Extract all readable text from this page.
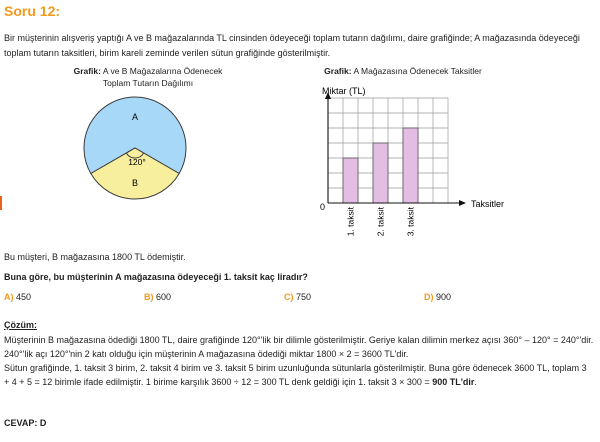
Soru 12:
Bir müşterinin alışveriş yaptığı A ve B mağazalarında TL cinsinden ödeyeceği toplam tutarın dağılımı, daire grafiğinde; A mağazasında ödeyeceği toplam tutarın taksitleri, birim kareli zeminde verilen sütun grafiğinde gösterilmiştir.
Grafik: A ve B Mağazalarına Ödenecek Toplam Tutarın Dağılımı
Grafik: A Mağazasına Ödenecek Taksitler
A
B
120°
1. taksit 2. taksit 3. taksit
Miktar (TL)
Taksitler
0
Bu müşteri, B mağazasına 1800 TL ödemiştir.
Buna göre, bu müşterinin A mağazasına ödeyeceği 1. taksit kaç liradır?
A) 450	B) 600	C) 750	D) 900
Çözüm:
Müşterinin B mağazasına ödediği 1800 TL, daire grafiğinde 120°'lik bir dilimle gösterilmiştir. Geriye kalan dilimin merkez açısı 360° – 120° = 240°'dir. 240°'lik açı 120°'nin 2 katı olduğu için müşterinin A mağazasına ödediği miktar 1800 × 2 = 3600 TL'dir.
Sütun grafiğinde, 1. taksit 3 birim, 2. taksit 4 birim ve 3. taksit 5 birim uzunluğunda sütunlarla gösterilmiştir. Buna göre ödenecek 3600 TL, toplam 3 + 4 + 5 = 12 birimle ifade edilmiştir. 1 birime karşılık 3600 ÷ 12 = 300 TL denk geldiği için 1. taksit 3 × 300 = 900 TL'dir.
CEVAP: D
